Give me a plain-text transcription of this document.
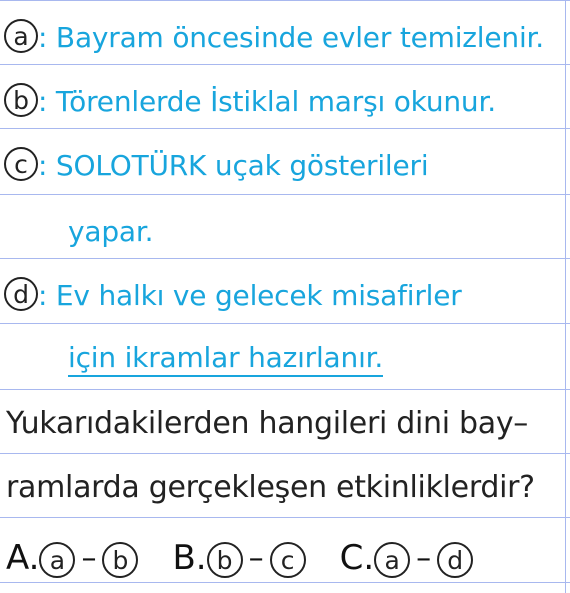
a : Bayram öncesinde evler temizlenir.
b : Törenlerde İstiklal marşı okunur.
c : SOLOTÜRK uçak gösterileri
yapar.
d : Ev halkı ve gelecek misafirler
için ikramlar hazırlanır.
Yukarıdakilerden hangileri dini bay–
ramlarda gerçekleşen etkinliklerdir?
A. a – b B. b – c	C. a – d
